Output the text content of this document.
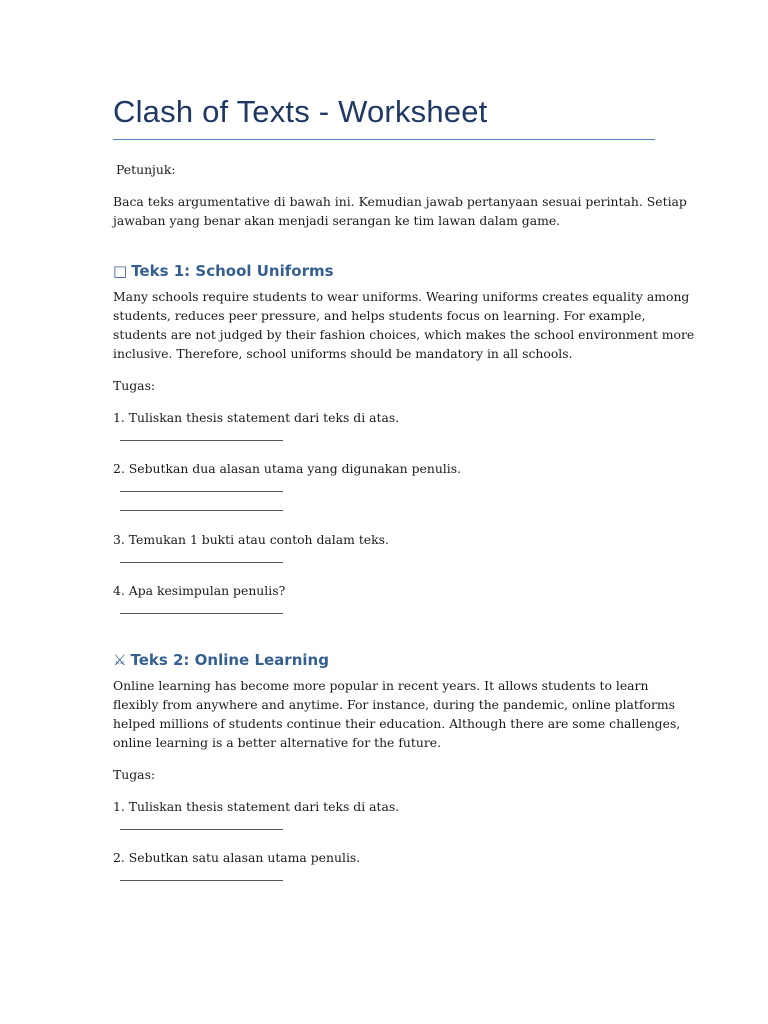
Clash of Texts - Worksheet

Petunjuk:

Baca teks argumentative di bawah ini. Kemudian jawab pertanyaan sesuai perintah. Setiap

jawaban yang benar akan menjadi serangan ke tim lawan dalam game.

□ Teks 1: School Uniforms

Many schools require students to wear uniforms. Wearing uniforms creates equality among

students, reduces peer pressure, and helps students focus on learning. For example,

students are not judged by their fashion choices, which makes the school environment more

inclusive. Therefore, school uniforms should be mandatory in all schools.

Tugas:

1. Tuliskan thesis statement dari teks di atas.

2. Sebutkan dua alasan utama yang digunakan penulis.

3. Temukan 1 bukti atau contoh dalam teks.

4. Apa kesimpulan penulis?

⚔ Teks 2: Online Learning

Online learning has become more popular in recent years. It allows students to learn

flexibly from anywhere and anytime. For instance, during the pandemic, online platforms

helped millions of students continue their education. Although there are some challenges,

online learning is a better alternative for the future.

Tugas:

1. Tuliskan thesis statement dari teks di atas.

2. Sebutkan satu alasan utama penulis.
